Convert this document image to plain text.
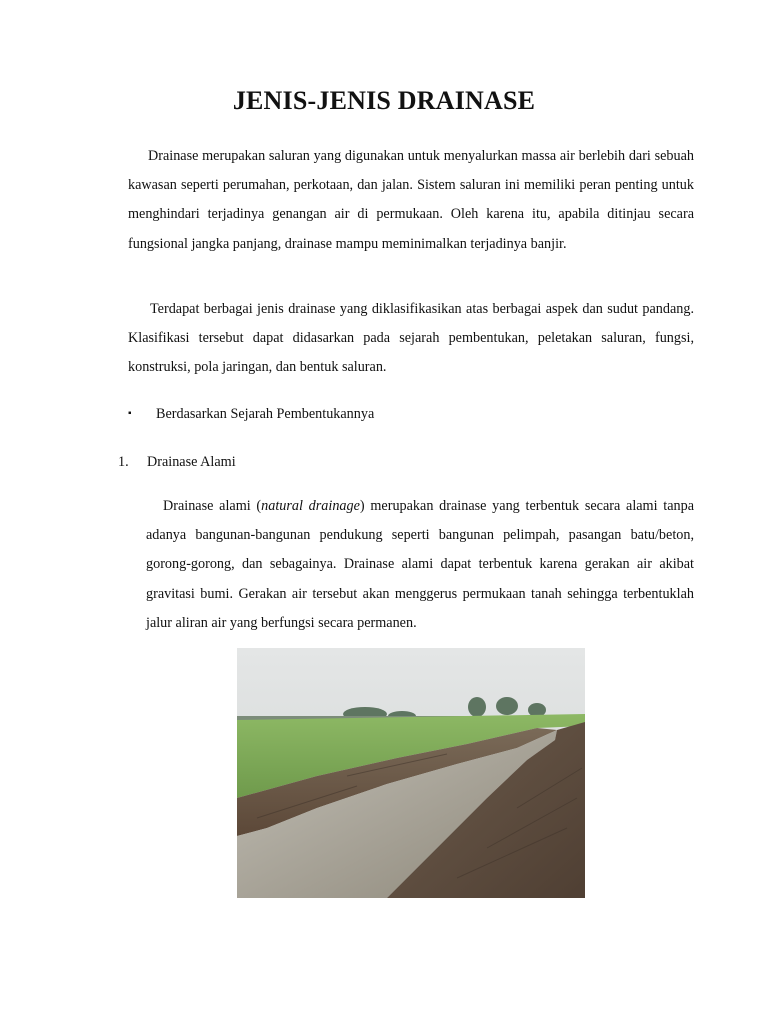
JENIS-JENIS DRAINASE

Drainase merupakan saluran yang digunakan untuk menyalurkan massa air berlebih dari sebuah kawasan seperti perumahan, perkotaan, dan jalan. Sistem saluran ini memiliki peran penting untuk menghindari terjadinya genangan air di permukaan. Oleh karena itu, apabila ditinjau secara fungsional jangka panjang, drainase mampu meminimalkan terjadinya banjir.

Terdapat berbagai jenis drainase yang diklasifikasikan atas berbagai aspek dan sudut pandang. Klasifikasi tersebut dapat didasarkan pada sejarah pembentukan, peletakan saluran, fungsi, konstruksi, pola jaringan, dan bentuk saluran.

▪ Berdasarkan Sejarah Pembentukannya
1. Drainase Alami

Drainase alami (natural drainage) merupakan drainase yang terbentuk secara alami tanpa adanya bangunan-bangunan pendukung seperti bangunan pelimpah, pasangan batu/beton, gorong-gorong, dan sebagainya. Drainase alami dapat terbentuk karena gerakan air akibat gravitasi bumi. Gerakan air tersebut akan menggerus permukaan tanah sehingga terbentuklah jalur aliran air yang berfungsi secara permanen.
